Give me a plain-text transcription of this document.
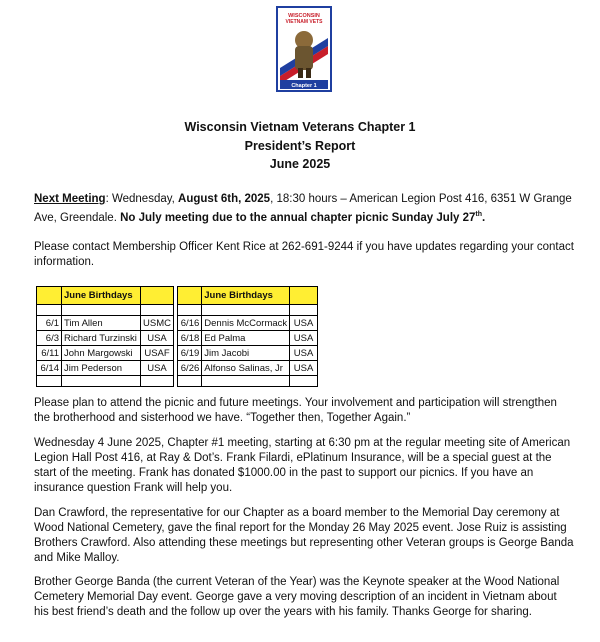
WISCONSIN
VIETNAM VETS
Chapter 1
Wisconsin Vietnam Veterans Chapter 1
President’s Report
June 2025
Next Meeting: Wednesday, August 6th, 2025, 18:30 hours – American Legion Post 416, 6351 W Grange Ave, Greendale. No July meeting due to the annual chapter picnic Sunday July 27th.
Please contact Membership Officer Kent Rice at 262-691-9244 if you have updates regarding your contact information.
	June Birthdays	

6/1	Tim Allen	USMC
6/3	Richard Turzinski	USA
6/11	John Margowski	USAF
6/14	Jim Pederson	USA

	June Birthdays	

6/16	Dennis McCormack	USA
6/18	Ed Palma	USA
6/19	Jim Jacobi	USA
6/26	Alfonso Salinas, Jr	USA

Please plan to attend the picnic and future meetings. Your involvement and participation will strengthen the brotherhood and sisterhood we have. “Together then, Together Again.”
Wednesday 4 June 2025, Chapter #1 meeting, starting at 6:30 pm at the regular meeting site of American Legion Hall Post 416, at Ray & Dot’s. Frank Filardi, ePlatinum Insurance, will be a special guest at the start of the meeting. Frank has donated $1000.00 in the past to support our picnics. If you have an insurance question Frank will help you.
Dan Crawford, the representative for our Chapter as a board member to the Memorial Day ceremony at Wood National Cemetery, gave the final report for the Monday 26 May 2025 event. Jose Ruiz is assisting Brothers Crawford. Also attending these meetings but representing other Veteran groups is George Banda and Mike Malloy.
Brother George Banda (the current Veteran of the Year) was the Keynote speaker at the Wood National Cemetery Memorial Day event. George gave a very moving description of an incident in Vietnam about his best friend’s death and the follow up over the years with his family. Thanks George for sharing.
